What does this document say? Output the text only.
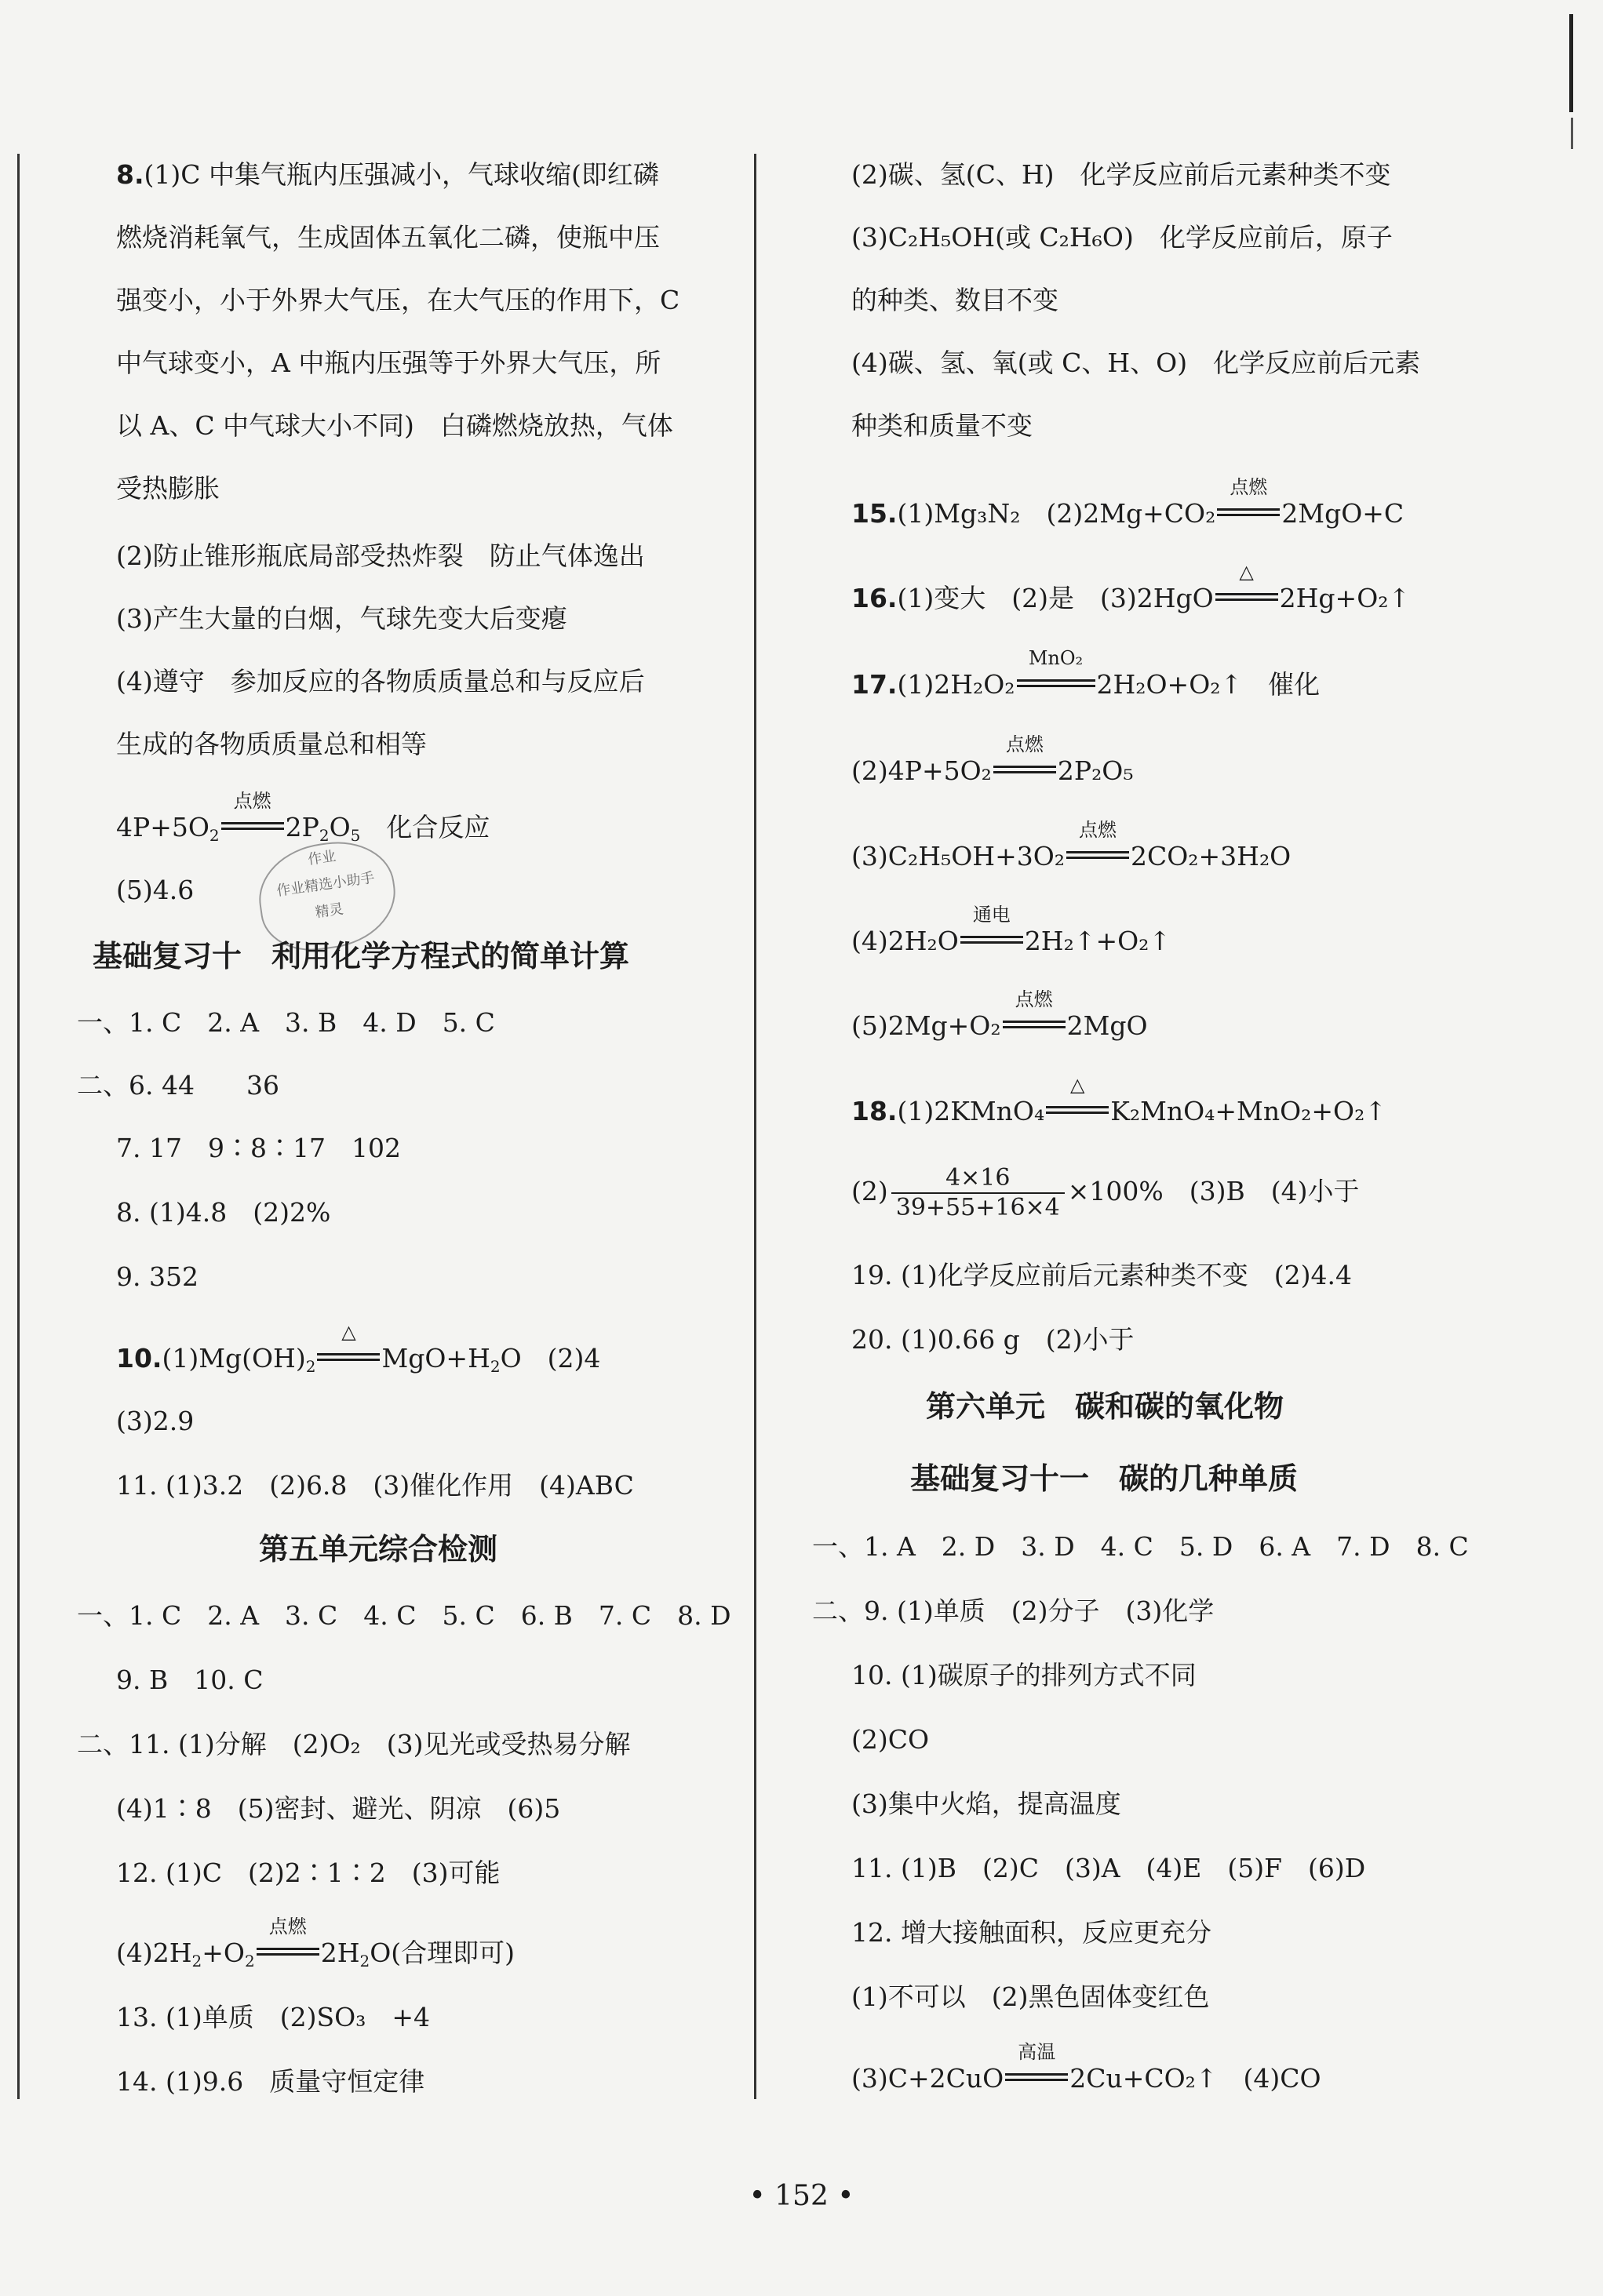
8.(1)C 中集气瓶内压强减小，气球收缩(即红磷
燃烧消耗氧气，生成固体五氧化二磷，使瓶中压
强变小，小于外界大气压，在大气压的作用下，C
中气球变小，A 中瓶内压强等于外界大气压，所
以 A、C 中气球大小不同)　白磷燃烧放热，气体
受热膨胀
(2)防止锥形瓶底局部受热炸裂　防止气体逸出
(3)产生大量的白烟，气球先变大后变瘪
(4)遵守　参加反应的各物质质量总和与反应后
生成的各物质质量总和相等
$4P+5O_2$
点燃
$2P_2O_5$　 化合反应
(5)4.6
作业
作业精选小助手
精灵
基础复习十　利用化学方程式的简单计算
一、1. C　2. A　3. B　4. D　5. C
二、6. 44　　36
7. 17　9∶8∶17　102
8. (1)4.8　(2)2%
9. 352
$10.(1)Mg(OH)_2$
△
$MgO+H_2O$　(2)4
(3)2.9
11. (1)3.2　(2)6.8　(3)催化作用　(4)ABC
第五单元综合检测
一、1. C　2. A　3. C　4. C　5. C　6. B　7. C　8. D
9. B　10. C
二、11. (1)分解　(2)O₂　(3)见光或受热易分解
(4)1∶8　(5)密封、避光、阴凉　(6)5
12. (1)C　(2)2∶1∶2　(3)可能
$(4)2H_2+O_2$
点燃
$2H_2O$(合理即可)
13. (1)单质　(2)SO₃　+4
14. (1)9.6　质量守恒定律
(2)碳、氢(C、H)　化学反应前后元素种类不变
(3)C₂H₅OH(或 C₂H₆O)　化学反应前后，原子
的种类、数目不变
(4)碳、氢、氧(或 C、H、O)　化学反应前后元素
种类和质量不变
15.(1)Mg₃N₂　(2)2Mg+CO₂
点燃
2MgO+C
16.(1)变大　(2)是　(3)2HgO
△
2Hg+O₂↑
17.(1)2H₂O₂
MnO₂
2H₂O+O₂↑　催化
(2)4P+5O₂
点燃
2P₂O₅
(3)C₂H₅OH+3O₂
点燃
2CO₂+3H₂O
(4)2H₂O
通电
2H₂↑+O₂↑
(5)2Mg+O₂
点燃
2MgO
18.(1)2KMnO₄
△
K₂MnO₄+MnO₂+O₂↑
$(2) \frac{4\times 16}{39+55+16\times 4} \times 100\%$　(3)B　(4)小于
19. (1)化学反应前后元素种类不变　(2)4.4
20. (1)0.66 g　(2)小于
第六单元　碳和碳的氧化物
基础复习十一　碳的几种单质
一、1. A　2. D　3. D　4. C　5. D　6. A　7. D　8. C
二、9. (1)单质　(2)分子　(3)化学
10. (1)碳原子的排列方式不同
(2)CO
(3)集中火焰，提高温度
11. (1)B　(2)C　(3)A　(4)E　(5)F　(6)D
12. 增大接触面积，反应更充分
(1)不可以　(2)黑色固体变红色
(3)C+2CuO
高温
2Cu+CO₂↑　(4)CO
• 152 •
